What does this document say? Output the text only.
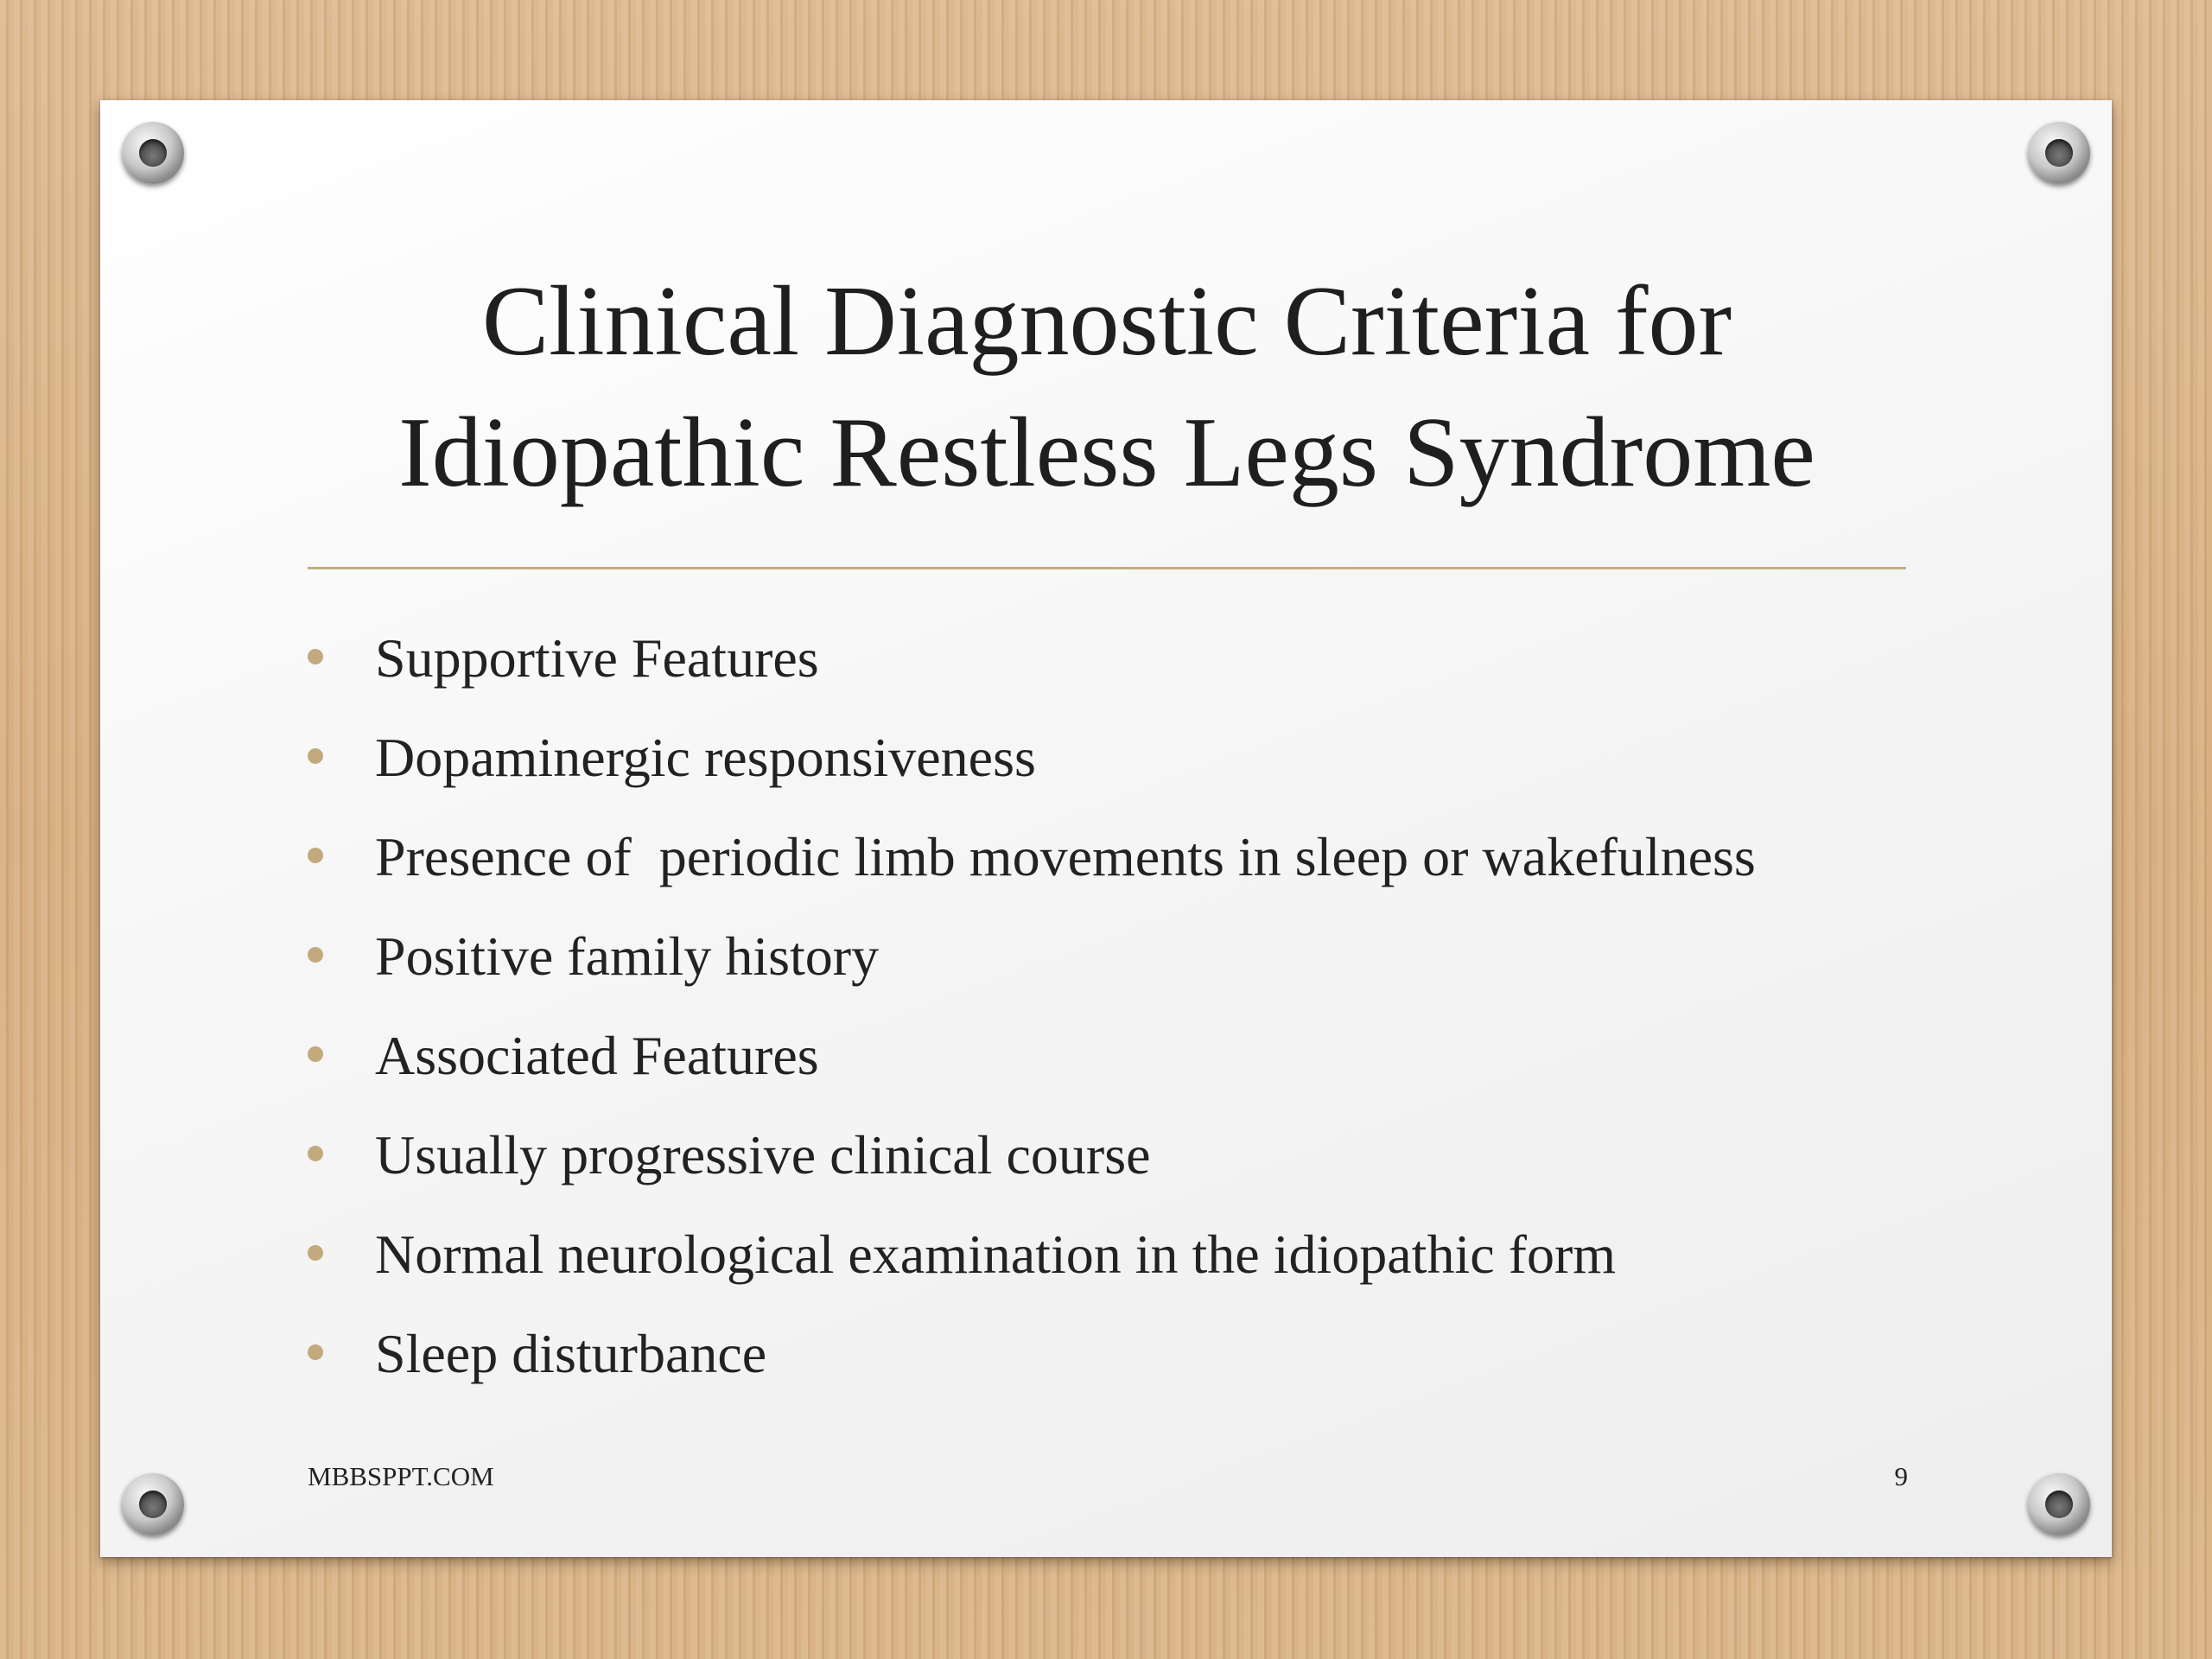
Clinical Diagnostic Criteria for
Idiopathic Restless Legs Syndrome
Supportive Features
Dopaminergic responsiveness
Presence of  periodic limb movements in sleep or wakefulness
Positive family history
Associated Features
Usually progressive clinical course
Normal neurological examination in the idiopathic form
Sleep disturbance
MBBSPPT.COM	9
